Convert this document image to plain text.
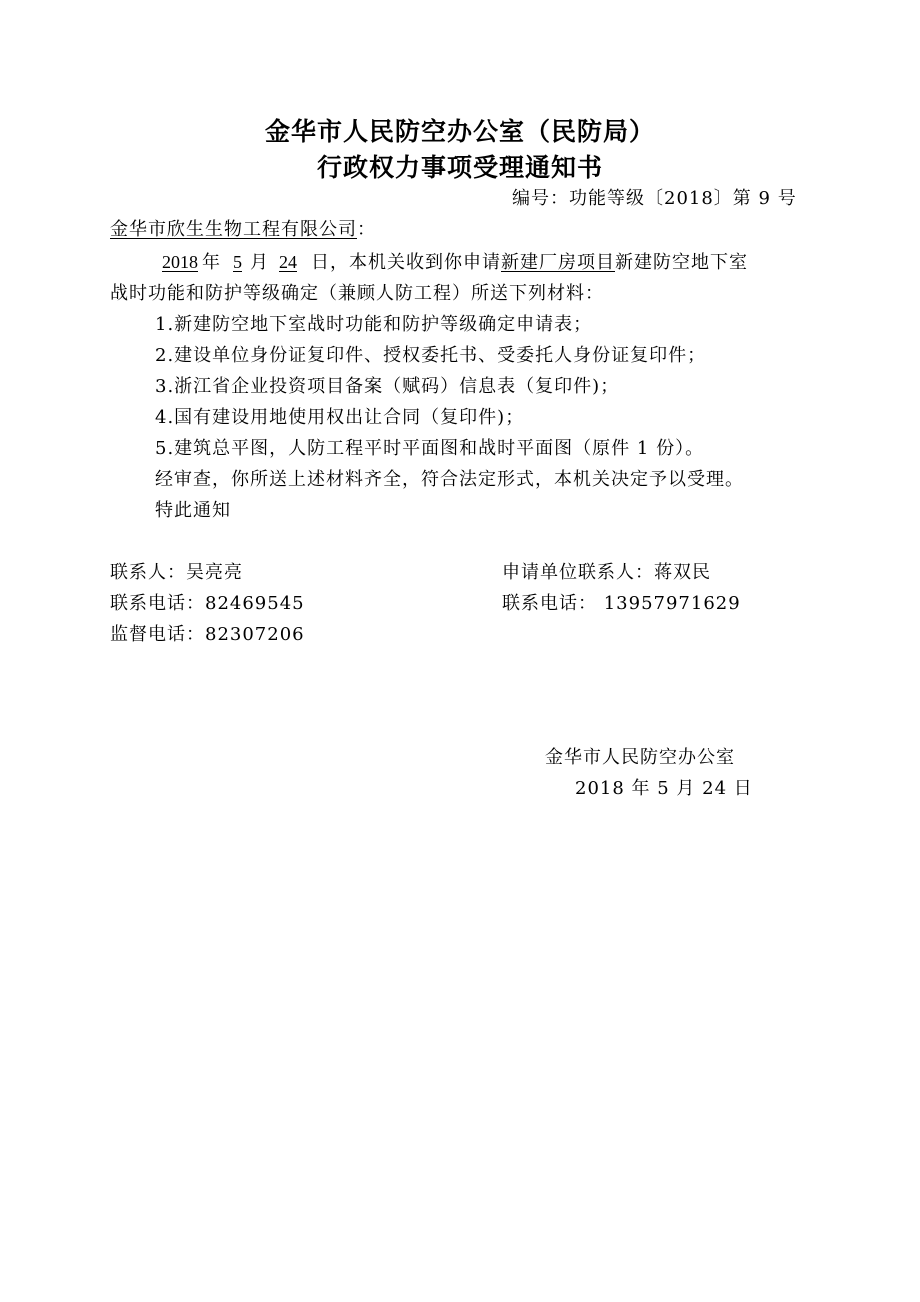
金华市人民防空办公室（民防局）
行政权力事项受理通知书
编号：功能等级〔2018〕第 9 号
金华市欣生生物工程有限公司：
2018 年 5 月 24 日，本机关收到你申请新建厂房项目新建防空地下室
战时功能和防护等级确定（兼顾人防工程）所送下列材料：
1.新建防空地下室战时功能和防护等级确定申请表；
2.建设单位身份证复印件、授权委托书、受委托人身份证复印件；
3.浙江省企业投资项目备案（赋码）信息表（复印件)；
4.国有建设用地使用权出让合同（复印件)；
5.建筑总平图，人防工程平时平面图和战时平面图（原件 1 份）。
经审查，你所送上述材料齐全，符合法定形式，本机关决定予以受理。
特此通知
联系人：吴亮亮
联系电话：82469545
监督电话：82307206
申请单位联系人：蒋双民
联系电话： 13957971629
金华市人民防空办公室
2018 年 5 月 24 日
